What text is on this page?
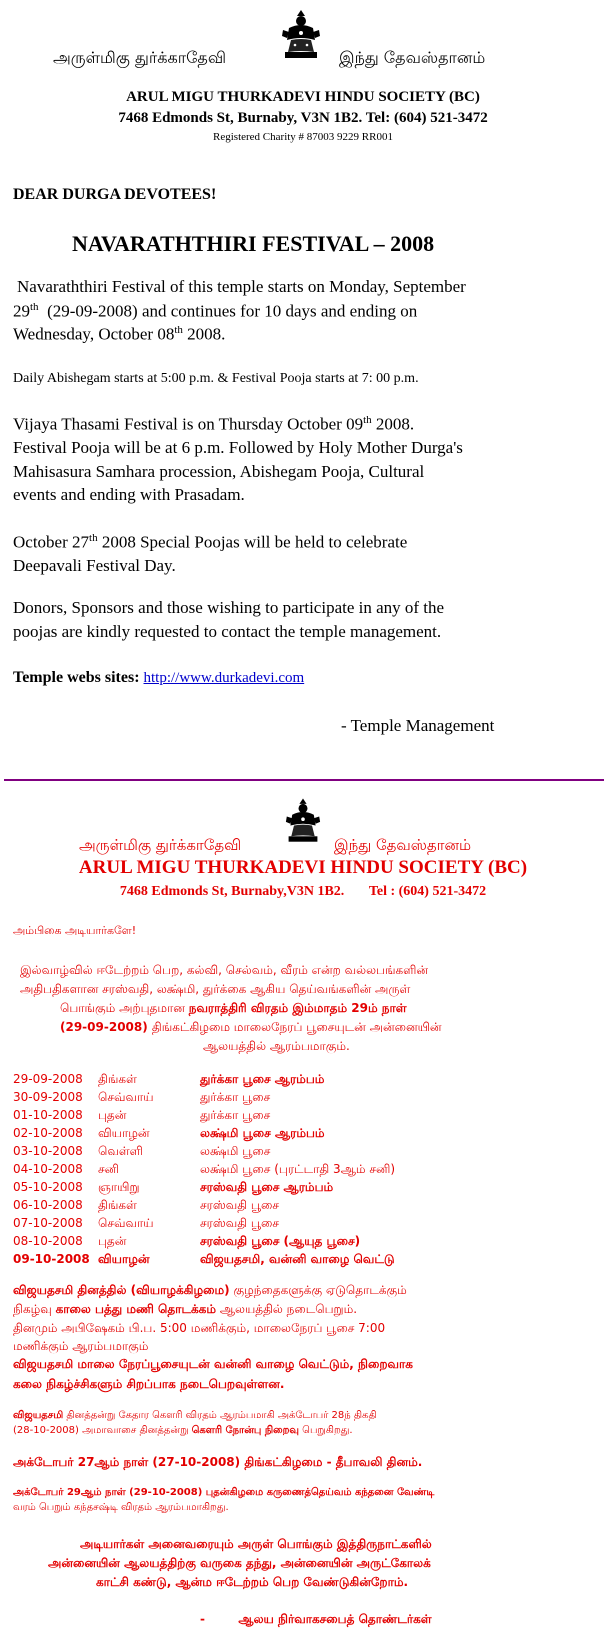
அருள்மிகு துர்க்காதேவி	இந்து தேவஸ்தானம்
ARUL MIGU THURKADEVI HINDU SOCIETY (BC)
7468 Edmonds St, Burnaby, V3N 1B2. Tel: (604) 521-3472
Registered Charity # 87003 9229 RR001
DEAR DURGA DEVOTEES!
NAVARATHTHIRI FESTIVAL – 2008
Navaraththiri Festival of this temple starts on Monday, September
29th (29-09-2008) and continues for 10 days and ending on
Wednesday, October 08th 2008.
Daily Abishegam starts at 5:00 p.m. & Festival Pooja starts at 7: 00 p.m.
Vijaya Thasami Festival is on Thursday October 09th 2008.
Festival Pooja will be at 6 p.m. Followed by Holy Mother Durga's
Mahisasura Samhara procession, Abishegam Pooja, Cultural
events and ending with Prasadam.
October 27th 2008 Special Poojas will be held to celebrate
Deepavali Festival Day.
Donors, Sponsors and those wishing to participate in any of the
poojas are kindly requested to contact the temple management.
Temple webs sites: http://www.durkadevi.com
- Temple Management
அருள்மிகு துர்க்காதேவி	இந்து தேவஸ்தானம்
ARUL MIGU THURKADEVI HINDU SOCIETY (BC)
7468 Edmonds St, Burnaby,V3N 1B2. Tel : (604) 521-3472
அம்பிகை அடியார்களே!
இல்வாழ்வில் ஈடேற்றம் பெற, கல்வி, செல்வம், வீரம் என்ற வல்லபங்களின்
அதிபதிகளான சரஸ்வதி, லக்ஷ்மி, துர்க்கை ஆகிய தெய்வங்களின் அருள்
பொங்கும் அற்புதமான நவராத்திரி விரதம் இம்மாதம் 29ம் நாள்
(29-09-2008) திங்கட்கிழமை மாலைநேரப் பூசையுடன் அன்னையின்
ஆலயத்தில் ஆரம்பமாகும்.
29-09-2008 திங்கள்	துர்க்கா பூசை ஆரம்பம்
30-09-2008 செவ்வாய்	துர்க்கா பூசை
01-10-2008 புதன்	துர்க்கா பூசை
02-10-2008 வியாழன்	லக்ஷ்மி பூசை ஆரம்பம்
03-10-2008 வெள்ளி	லக்ஷ்மி பூசை
04-10-2008 சனி	லக்ஷ்மி பூசை (புரட்டாதி 3ஆம் சனி)
05-10-2008 ஞாயிறு	சரஸ்வதி பூசை ஆரம்பம்
06-10-2008 திங்கள்	சரஸ்வதி பூசை
07-10-2008 செவ்வாய்	சரஸ்வதி பூசை
08-10-2008 புதன்	சரஸ்வதி பூசை (ஆயுத பூசை)
09-10-2008 வியாழன்	விஜயதசமி, வன்னி வாழை வெட்டு
விஜயதசமி தினத்தில் (வியாழக்கிழமை) குழந்தைகளுக்கு ஏடுதொடக்கும்
நிகழ்வு காலை பத்து மணி தொடக்கம் ஆலயத்தில் நடைபெறும்.
தினமும் அபிஷேகம் பி.ப. 5:00 மணிக்கும், மாலைநேரப் பூசை 7:00
மணிக்கும் ஆரம்பமாகும்
விஜயதசமி மாலை நேரப்பூசையுடன் வன்னி வாழை வெட்டும், நிறைவாக
கலை நிகழ்ச்சிகளும் சிறப்பாக நடைபெறவுள்ளன.
விஜயதசமி தினத்தன்று கேதார கௌரி விரதம் ஆரம்பமாகி அக்டோபர் 28ந் திகதி
(28-10-2008) அமாவாசை தினத்தன்று கௌரி நோன்பு நிறைவு பெறுகிறது.
அக்டோபர் 27ஆம் நாள் (27-10-2008) திங்கட்கிழமை - தீபாவலி தினம்.
அக்டோபர் 29ஆம் நாள் (29-10-2008) புதன்கிழமை கருணைத்தெய்வம் கந்தனை வேண்டி
வரம் பெறும் கந்தசஷ்டி விரதம் ஆரம்பமாகிறது.
அடியார்கள் அனைவரையும் அருள் பொங்கும் இத்திருநாட்களில்
அன்னையின் ஆலயத்திற்கு வருகை தந்து, அன்னையின் அருட்கோலக்
காட்சி கண்டு, ஆன்ம ஈடேற்றம் பெற வேண்டுகின்றோம்.
-	ஆலய நிர்வாகசபைத் தொண்டர்கள்
